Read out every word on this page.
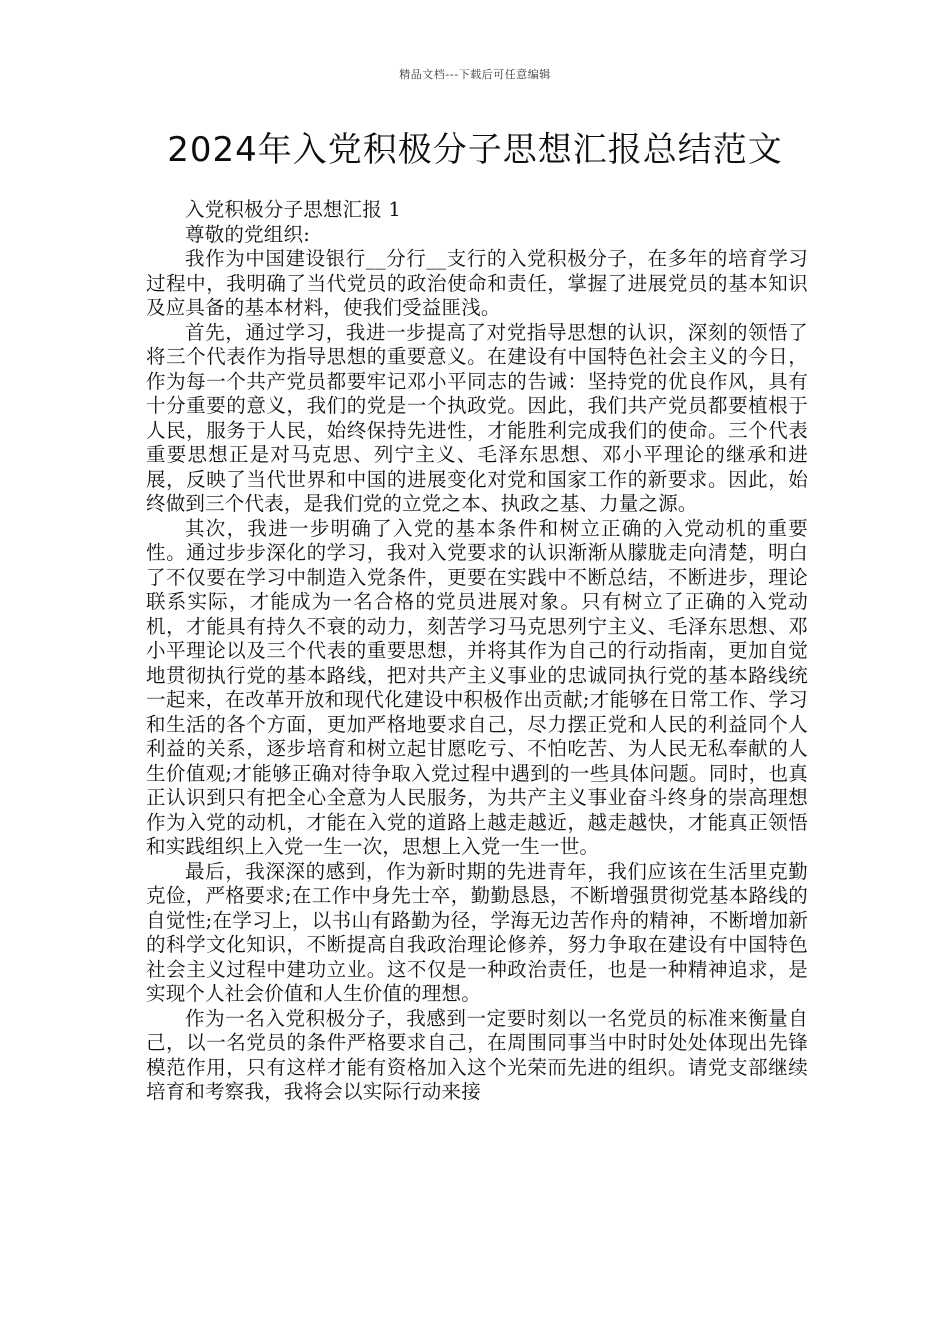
精品文档---下载后可任意编辑
2024年入党积极分子思想汇报总结范文

入党积极分子思想汇报 1

尊敬的党组织:

我作为中国建设银行__分行__支行的入党积极分子，在多年的培育学习过程中，我明确了当代党员的政治使命和责任，掌握了进展党员的基本知识及应具备的基本材料，使我们受益匪浅。

首先，通过学习，我进一步提高了对党指导思想的认识，深刻的领悟了将三个代表作为指导思想的重要意义。在建设有中国特色社会主义的今日，作为每一个共产党员都要牢记邓小平同志的告诫：坚持党的优良作风，具有十分重要的意义，我们的党是一个执政党。因此，我们共产党员都要植根于人民，服务于人民，始终保持先进性，才能胜利完成我们的使命。三个代表重要思想正是对马克思、列宁主义、毛泽东思想、邓小平理论的继承和进展，反映了当代世界和中国的进展变化对党和国家工作的新要求。因此，始终做到三个代表，是我们党的立党之本、执政之基、力量之源。

其次，我进一步明确了入党的基本条件和树立正确的入党动机的重要性。通过步步深化的学习，我对入党要求的认识渐渐从朦胧走向清楚，明白了不仅要在学习中制造入党条件，更要在实践中不断总结，不断进步，理论联系实际，才能成为一名合格的党员进展对象。只有树立了正确的入党动机，才能具有持久不衰的动力，刻苦学习马克思列宁主义、毛泽东思想、邓小平理论以及三个代表的重要思想，并将其作为自己的行动指南，更加自觉地贯彻执行党的基本路线，把对共产主义事业的忠诚同执行党的基本路线统一起来，在改革开放和现代化建设中积极作出贡献;才能够在日常工作、学习和生活的各个方面，更加严格地要求自己，尽力摆正党和人民的利益同个人利益的关系，逐步培育和树立起甘愿吃亏、不怕吃苦、为人民无私奉献的人生价值观;才能够正确对待争取入党过程中遇到的一些具体问题。同时，也真正认识到只有把全心全意为人民服务，为共产主义事业奋斗终身的崇高理想作为入党的动机，才能在入党的道路上越走越近，越走越快，才能真正领悟和实践组织上入党一生一次，思想上入党一生一世。

最后，我深深的感到，作为新时期的先进青年，我们应该在生活里克勤克俭，严格要求;在工作中身先士卒，勤勤恳恳，不断增强贯彻党基本路线的自觉性;在学习上，以书山有路勤为径，学海无边苦作舟的精神，不断增加新的科学文化知识，不断提高自我政治理论修养，努力争取在建设有中国特色社会主义过程中建功立业。这不仅是一种政治责任，也是一种精神追求，是实现个人社会价值和人生价值的理想。

作为一名入党积极分子，我感到一定要时刻以一名党员的标准来衡量自己，以一名党员的条件严格要求自己，在周围同事当中时时处处体现出先锋模范作用，只有这样才能有资格加入这个光荣而先进的组织。请党支部继续培育和考察我，我将会以实际行动来接
